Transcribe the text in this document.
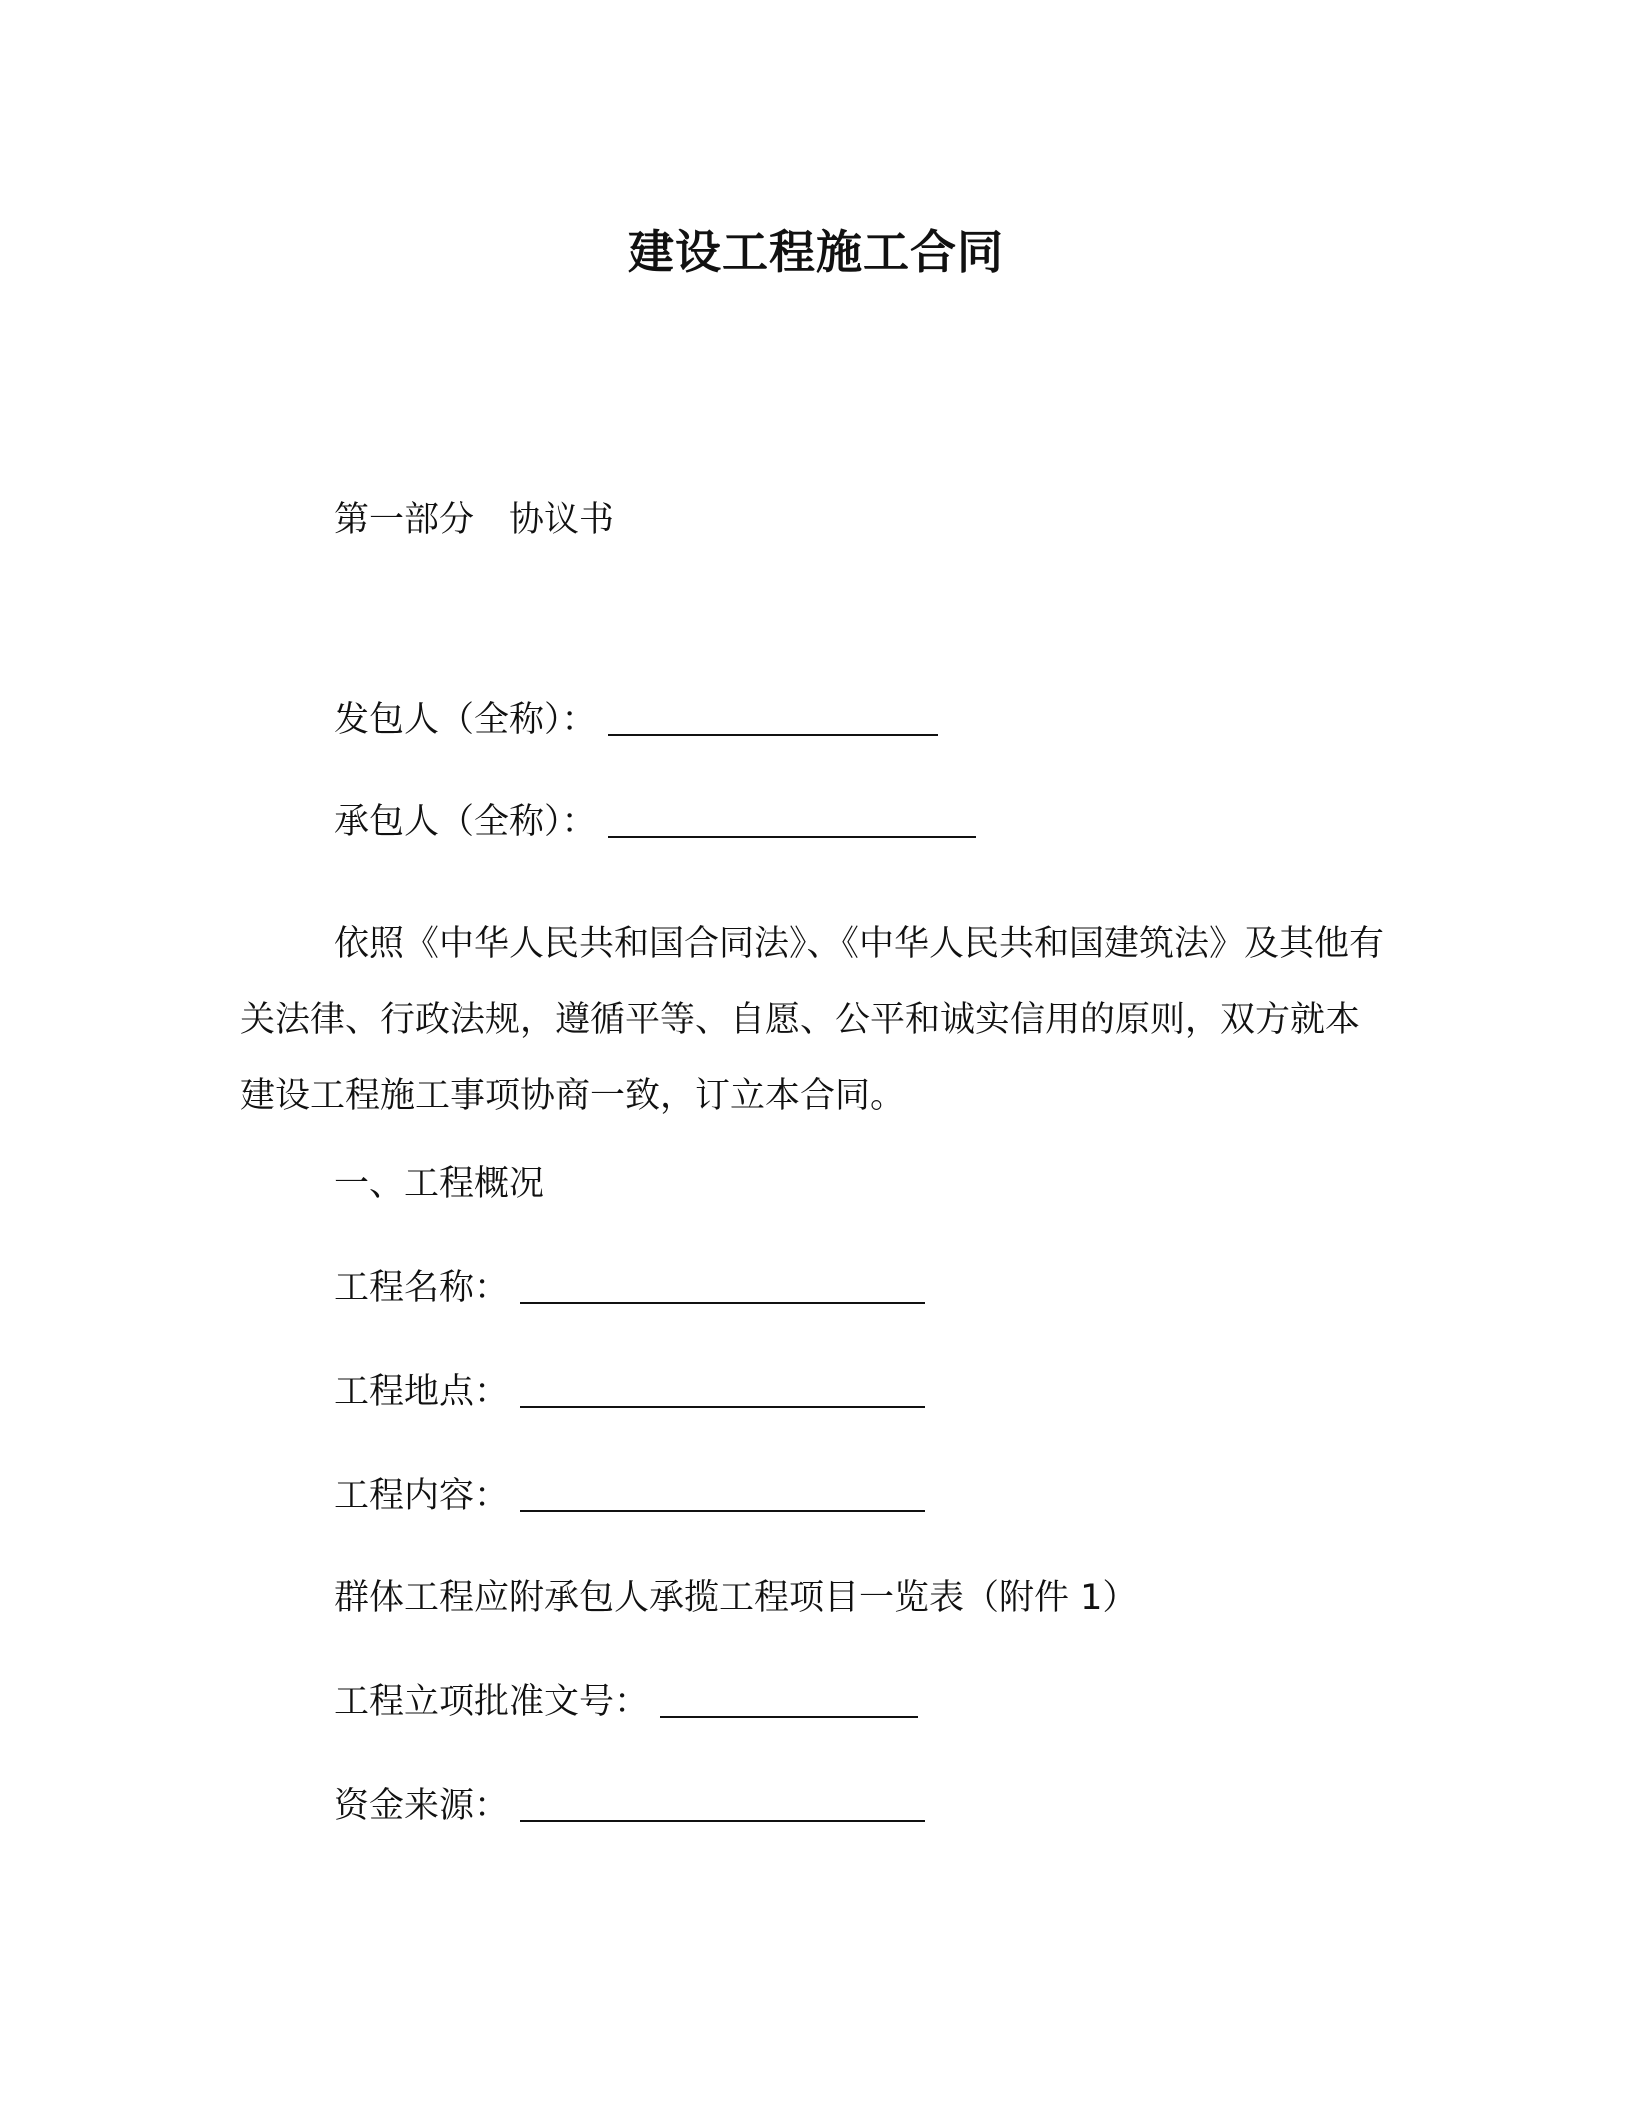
建设工程施工合同
第一部分　协议书
发包人（全称）：
承包人（全称）：
依照《中华人民共和国合同法》、《中华人民共和国建筑法》及其他有关法律、行政法规，遵循平等、自愿、公平和诚实信用的原则，双方就本建设工程施工事项协商一致，订立本合同。
一、工程概况
工程名称：
工程地点：
工程内容：
群体工程应附承包人承揽工程项目一览表（附件 1）
工程立项批准文号：
资金来源：
